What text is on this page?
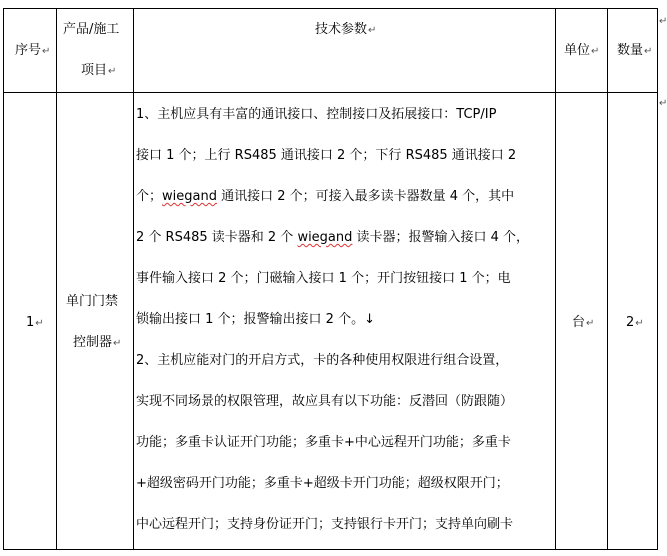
序号↵
产品/施工
项目↵
技术参数↵
单位↵ 数量↵
↵
↵
1↵
单门门禁
控制器↵
台↵ 2↵
1、主机应具有丰富的通讯接口、控制接口及拓展接口：TCP/IP
接口 1 个；上行 RS485 通讯接口 2 个；下行 RS485 通讯接口 2
个；wiegand 通讯接口 2 个；可接入最多读卡器数量 4 个，其中
2 个 RS485 读卡器和 2 个 wiegand 读卡器；报警输入接口 4 个，
事件输入接口 2 个；门磁输入接口 1 个；开门按钮接口 1 个；电
锁输出接口 1 个；报警输出接口 2 个。↓
2、主机应能对门的开启方式，卡的各种使用权限进行组合设置，
实现不同场景的权限管理，故应具有以下功能：反潜回（防跟随）
功能；多重卡认证开门功能；多重卡+中心远程开门功能；多重卡
+超级密码开门功能；多重卡+超级卡开门功能；超级权限开门；
中心远程开门；支持身份证开门；支持银行卡开门；支持单向刷卡
